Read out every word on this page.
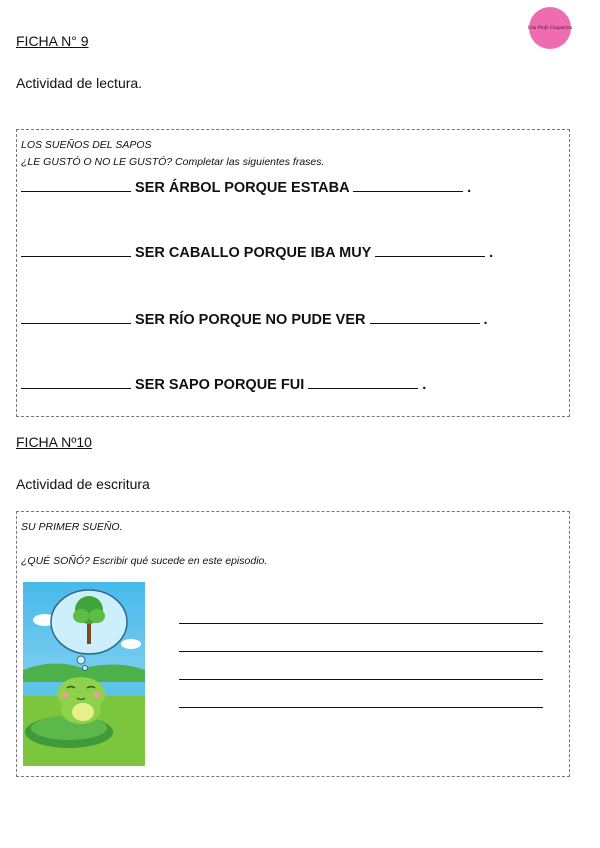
Una Profe Chaparrita
FICHA N° 9
Actividad de lectura.
LOS SUEÑOS DEL SAPOS
¿LE GUSTÓ O NO LE GUSTÓ? Completar las siguientes frases.
SER ÁRBOL PORQUE ESTABA	.
SER CABALLO PORQUE IBA MUY	.
SER RÍO PORQUE NO PUDE VER	.
SER SAPO PORQUE FUI	.
FICHA Nº10
Actividad de escritura
SU PRIMER SUEÑO.
¿QUÉ SOÑÓ? Escribir qué sucede en este episodio.
